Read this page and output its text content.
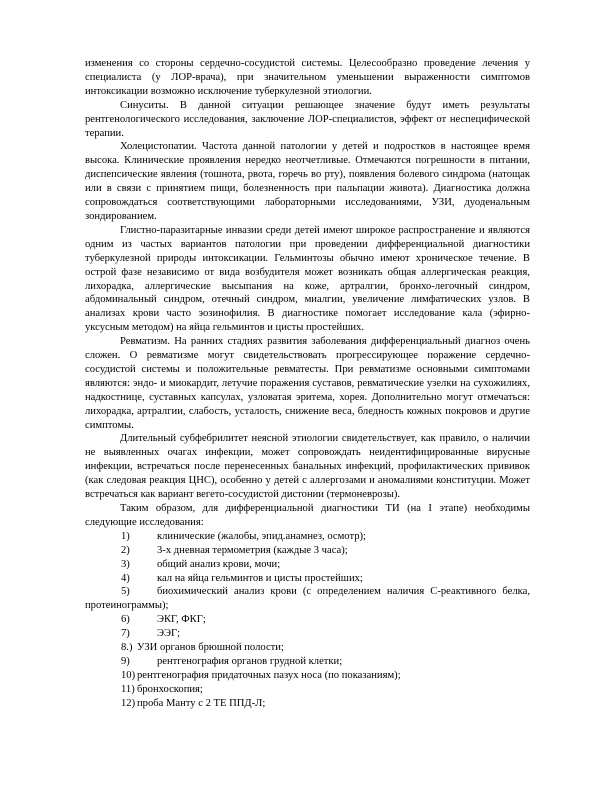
изменения со стороны сердечно-сосудистой системы. Целесообразно проведение лечения у специалиста (у ЛОР-врача), при значительном уменьшении выраженности симптомов интоксикации возможно исключение туберкулезной этиологии.

Синуситы. В данной ситуации решающее значение будут иметь результаты рентгенологического исследования, заключение ЛОР-специалистов, эффект от неспецифической терапии.

Холецистопатии. Частота данной патологии у детей и подростков в настоящее время высока. Клинические проявления нередко неотчетливые. Отмечаются погрешности в питании, диспепсические явления (тошнота, рвота, горечь во рту), появления болевого синдрома (натощак или в связи с принятием пищи, болезненность при пальпации живота). Диагностика должна сопровождаться соответствующими лабораторными исследованиями, УЗИ, дуоденальным зондированием.

Глистно-паразитарные инвазии среди детей имеют широкое распространение и являются одним из частых вариантов патологии при проведении дифференциальной диагностики туберкулезной природы интоксикации. Гельминтозы обычно имеют хроническое течение. В острой фазе независимо от вида возбудителя может возникать общая аллергическая реакция, лихорадка, аллергические высыпания на коже, артралгии, бронхо-легочный синдром, абдоминальный синдром, отечный синдром, миалгии, увеличение лимфатических узлов. В анализах крови часто эозинофилия. В диагностике помогает исследование кала (эфирно-уксусным методом) на яйца гельминтов и цисты простейших.

Ревматизм. На ранних стадиях развития заболевания дифференциальный диагноз очень сложен. О ревматизме могут свидетельствовать прогрессирующее поражение сердечно-сосудистой системы и положительные ревматесты. При ревматизме основными симптомами являются: эндо- и миокардит, летучие поражения суставов, ревматические узелки на сухожилиях, надкостнице, суставных капсулах, узловатая эритема, хорея. Дополнительно могут отмечаться: лихорадка, артралгии, слабость, усталость, снижение веса, бледность кожных покровов и другие симптомы.

Длительный субфебрилитет неясной этиологии свидетельствует, как правило, о наличии не выявленных очагах инфекции, может сопровождать неидентифицированные вирусные инфекции, встречаться после перенесенных банальных инфекций, профилактических прививок (как следовая реакция ЦНС), особенно у детей с аллергозами и аномалиями конституции. Может встречаться как вариант вегето-сосудистой дистонии (термоневрозы).

Таким образом, для дифференциальной диагностики ТИ (на I этапе) необходимы следующие исследования:

1)	клинические (жалобы, эпид.анамнез, осмотр);
2)	3-х дневная термометрия (каждые 3 часа);
3)	общий анализ крови, мочи;
4)	кал на яйца гельминтов и цисты простейших;
5)	биохимический анализ крови (с определением наличия С-реактивного белка, протеинограммы);
6)	ЭКГ, ФКГ;
7)	ЭЭГ;
8.) УЗИ органов брюшной полости;
9)	рентгенография органов грудной клетки;
10) рентгенография придаточных пазух носа (по показаниям);
11) бронхоскопия;
12) проба Манту с 2 ТЕ ППД-Л;
